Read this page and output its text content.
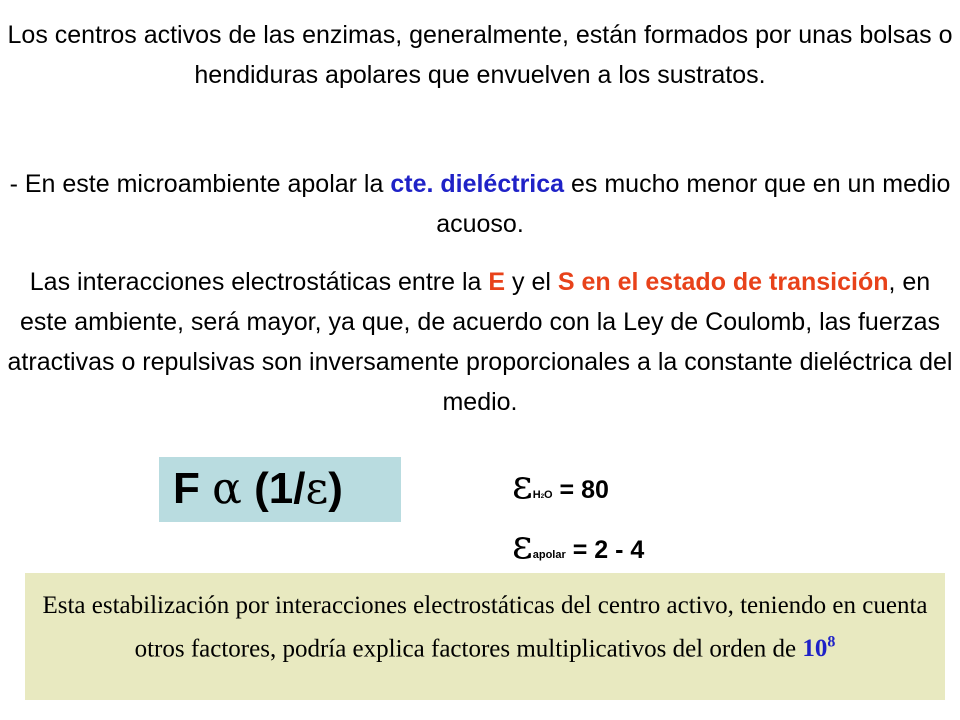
Los centros activos de las enzimas, generalmente, están formados por unas bolsas o hendiduras apolares que envuelven a los sustratos.
- En este microambiente apolar la cte. dieléctrica es mucho menor que en un medio acuoso.
Las interacciones electrostáticas entre la E y el S en el estado de transición, en este ambiente, será mayor, ya que, de acuerdo con la Ley de Coulomb, las fuerzas atractivas o repulsivas son inversamente proporcionales a la constante dieléctrica del medio.
F α (1/ε)	εH2O = 80
εapolar = 2 - 4
Esta estabilización por interacciones electrostáticas del centro activo, teniendo en cuenta otros factores, podría explica factores multiplicativos del orden de $10^8$
